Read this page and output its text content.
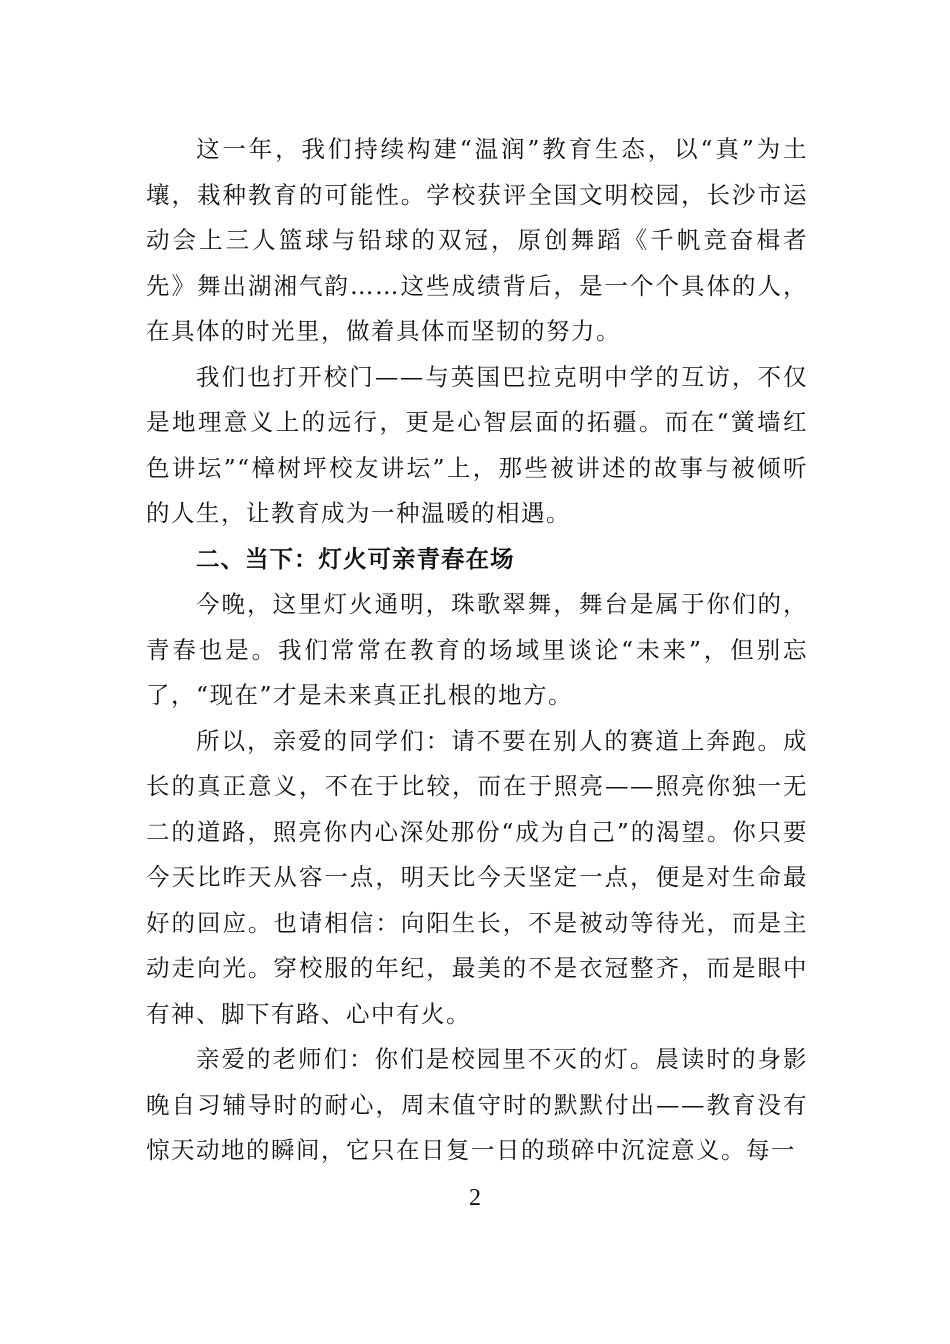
这一年，我们持续构建“温润”教育生态，以“真”为土壤，栽种教育的可能性。学校获评全国文明校园，长沙市运动会上三人篮球与铅球的双冠，原创舞蹈《千帆竞奋楫者先》舞出湖湘气韵……这些成绩背后，是一个个具体的人，在具体的时光里，做着具体而坚韧的努力。

我们也打开校门——与英国巴拉克明中学的互访，不仅是地理意义上的远行，更是心智层面的拓疆。而在“黉墙红色讲坛”“樟树坪校友讲坛”上，那些被讲述的故事与被倾听的人生，让教育成为一种温暖的相遇。

二、当下：灯火可亲青春在场

今晚，这里灯火通明，珠歌翠舞，舞台是属于你们的，青春也是。我们常常在教育的场域里谈论“未来”，但别忘了，“现在”才是未来真正扎根的地方。

所以，亲爱的同学们：请不要在别人的赛道上奔跑。成长的真正意义，不在于比较，而在于照亮——照亮你独一无二的道路，照亮你内心深处那份“成为自己”的渴望。你只要今天比昨天从容一点，明天比今天坚定一点，便是对生命最好的回应。也请相信：向阳生长，不是被动等待光，而是主动走向光。穿校服的年纪，最美的不是衣冠整齐，而是眼中有神、脚下有路、心中有火。

亲爱的老师们：你们是校园里不灭的灯。晨读时的身影晚自习辅导时的耐心，周末值守时的默默付出——教育没有惊天动地的瞬间，它只在日复一日的琐碎中沉淀意义。每一

2
